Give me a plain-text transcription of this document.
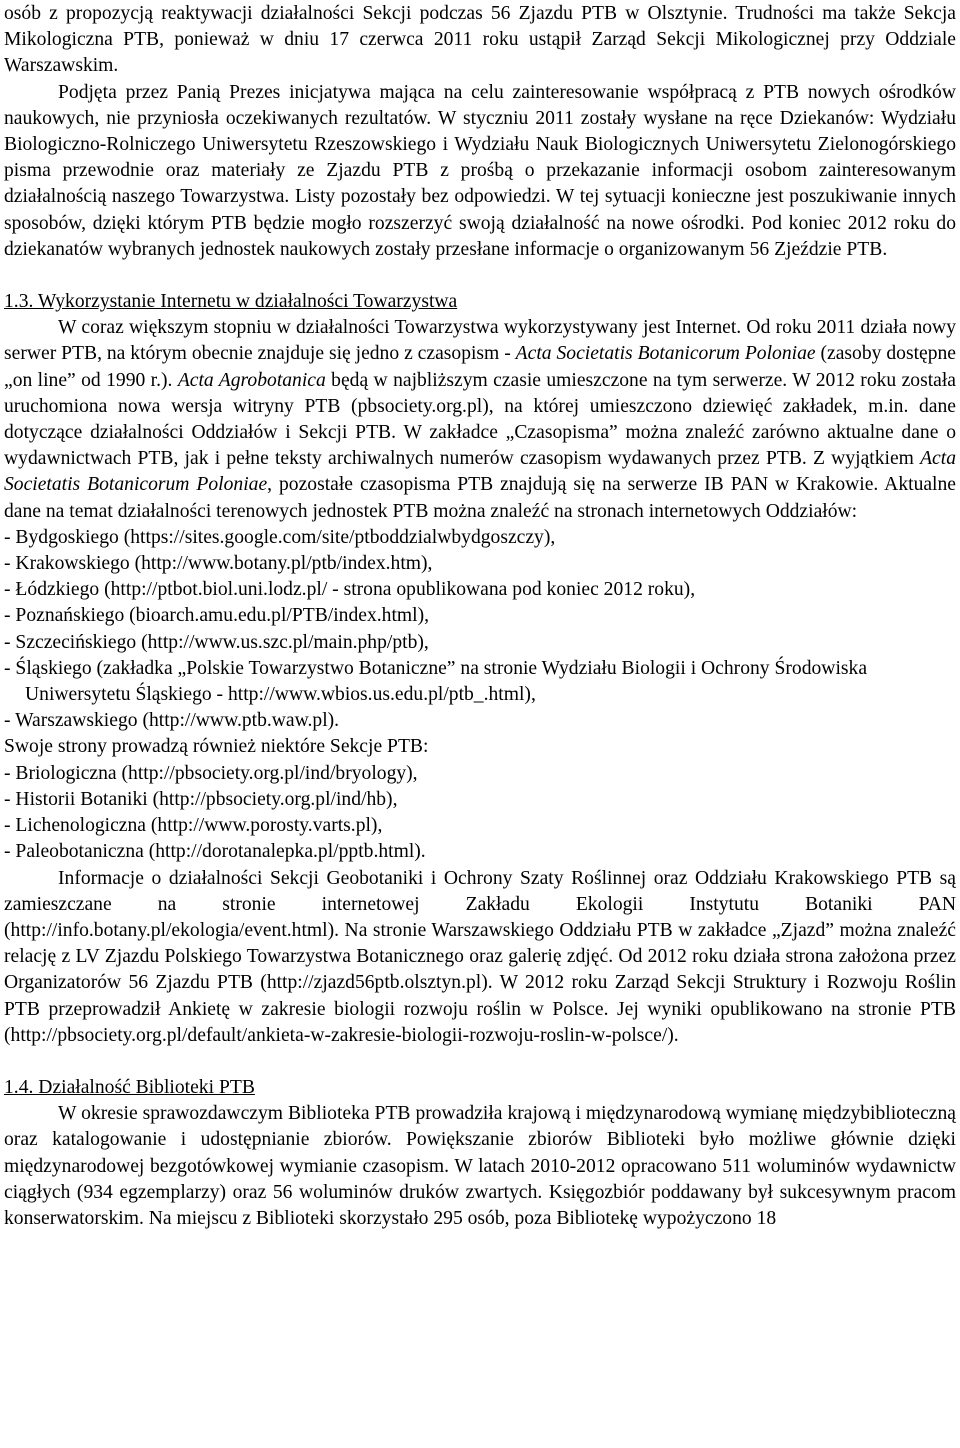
osób z propozycją reaktywacji działalności Sekcji podczas 56 Zjazdu PTB w Olsztynie. Trudności ma także Sekcja Mikologiczna PTB, ponieważ w dniu 17 czerwca 2011 roku ustąpił Zarząd Sekcji Mikologicznej przy Oddziale Warszawskim.

Podjęta przez Panią Prezes inicjatywa mająca na celu zainteresowanie współpracą z PTB nowych ośrodków naukowych, nie przyniosła oczekiwanych rezultatów. W styczniu 2011 zostały wysłane na ręce Dziekanów: Wydziału Biologiczno-Rolniczego Uniwersytetu Rzeszowskiego i Wydziału Nauk Biologicznych Uniwersytetu Zielonogórskiego pisma przewodnie oraz materiały ze Zjazdu PTB z prośbą o przekazanie informacji osobom zainteresowanym działalnością naszego Towarzystwa. Listy pozostały bez odpowiedzi. W tej sytuacji konieczne jest poszukiwanie innych sposobów, dzięki którym PTB będzie mogło rozszerzyć swoją działalność na nowe ośrodki. Pod koniec 2012 roku do dziekanatów wybranych jednostek naukowych zostały przesłane informacje o organizowanym 56 Zjeździe PTB.

1.3. Wykorzystanie Internetu w działalności Towarzystwa

W coraz większym stopniu w działalności Towarzystwa wykorzystywany jest Internet. Od roku 2011 działa nowy serwer PTB, na którym obecnie znajduje się jedno z czasopism - Acta Societatis Botanicorum Poloniae (zasoby dostępne „on line” od 1990 r.). Acta Agrobotanica będą w najbliższym czasie umieszczone na tym serwerze. W 2012 roku została uruchomiona nowa wersja witryny PTB (pbsociety.org.pl), na której umieszczono dziewięć zakładek, m.in. dane dotyczące działalności Oddziałów i Sekcji PTB. W zakładce „Czasopisma” można znaleźć zarówno aktualne dane o wydawnictwach PTB, jak i pełne teksty archiwalnych numerów czasopism wydawanych przez PTB. Z wyjątkiem Acta Societatis Botanicorum Poloniae, pozostałe czasopisma PTB znajdują się na serwerze IB PAN w Krakowie. Aktualne dane na temat działalności terenowych jednostek PTB można znaleźć na stronach internetowych Oddziałów:

- Bydgoskiego (https://sites.google.com/site/ptboddzialwbydgoszczy),

- Krakowskiego (http://www.botany.pl/ptb/index.htm),

- Łódzkiego (http://ptbot.biol.uni.lodz.pl/ - strona opublikowana pod koniec 2012 roku),

- Poznańskiego (bioarch.amu.edu.pl/PTB/index.html),

- Szczecińskiego (http://www.us.szc.pl/main.php/ptb),

- Śląskiego (zakładka „Polskie Towarzystwo Botaniczne” na stronie Wydziału Biologii i Ochrony Środowiska Uniwersytetu Śląskiego - http://www.wbios.us.edu.pl/ptb_.html),

- Warszawskiego (http://www.ptb.waw.pl).

Swoje strony prowadzą również niektóre Sekcje PTB:

- Briologiczna (http://pbsociety.org.pl/ind/bryology),

- Historii Botaniki (http://pbsociety.org.pl/ind/hb),

- Lichenologiczna (http://www.porosty.varts.pl),

- Paleobotaniczna (http://dorotanalepka.pl/pptb.html).

Informacje o działalności Sekcji Geobotaniki i Ochrony Szaty Roślinnej oraz Oddziału Krakowskiego PTB są zamieszczane na stronie internetowej Zakładu Ekologii Instytutu Botaniki PAN (http://info.botany.pl/ekologia/event.html). Na stronie Warszawskiego Oddziału PTB w zakładce „Zjazd” można znaleźć relację z LV Zjazdu Polskiego Towarzystwa Botanicznego oraz galerię zdjęć. Od 2012 roku działa strona założona przez Organizatorów 56 Zjazdu PTB (http://zjazd56ptb.olsztyn.pl). W 2012 roku Zarząd Sekcji Struktury i Rozwoju Roślin PTB przeprowadził Ankietę w zakresie biologii rozwoju roślin w Polsce. Jej wyniki opublikowano na stronie PTB (http://pbsociety.org.pl/default/ankieta-w-zakresie-biologii-rozwoju-roslin-w-polsce/).

1.4. Działalność Biblioteki PTB

W okresie sprawozdawczym Biblioteka PTB prowadziła krajową i międzynarodową wymianę międzybiblioteczną oraz katalogowanie i udostępnianie zbiorów. Powiększanie zbiorów Biblioteki było możliwe głównie dzięki międzynarodowej bezgotówkowej wymianie czasopism. W latach 2010-2012 opracowano 511 woluminów wydawnictw ciągłych (934 egzemplarzy) oraz 56 woluminów druków zwartych. Księgozbiór poddawany był sukcesywnym pracom konserwatorskim. Na miejscu z Biblioteki skorzystało 295 osób, poza Bibliotekę wypożyczono 18
